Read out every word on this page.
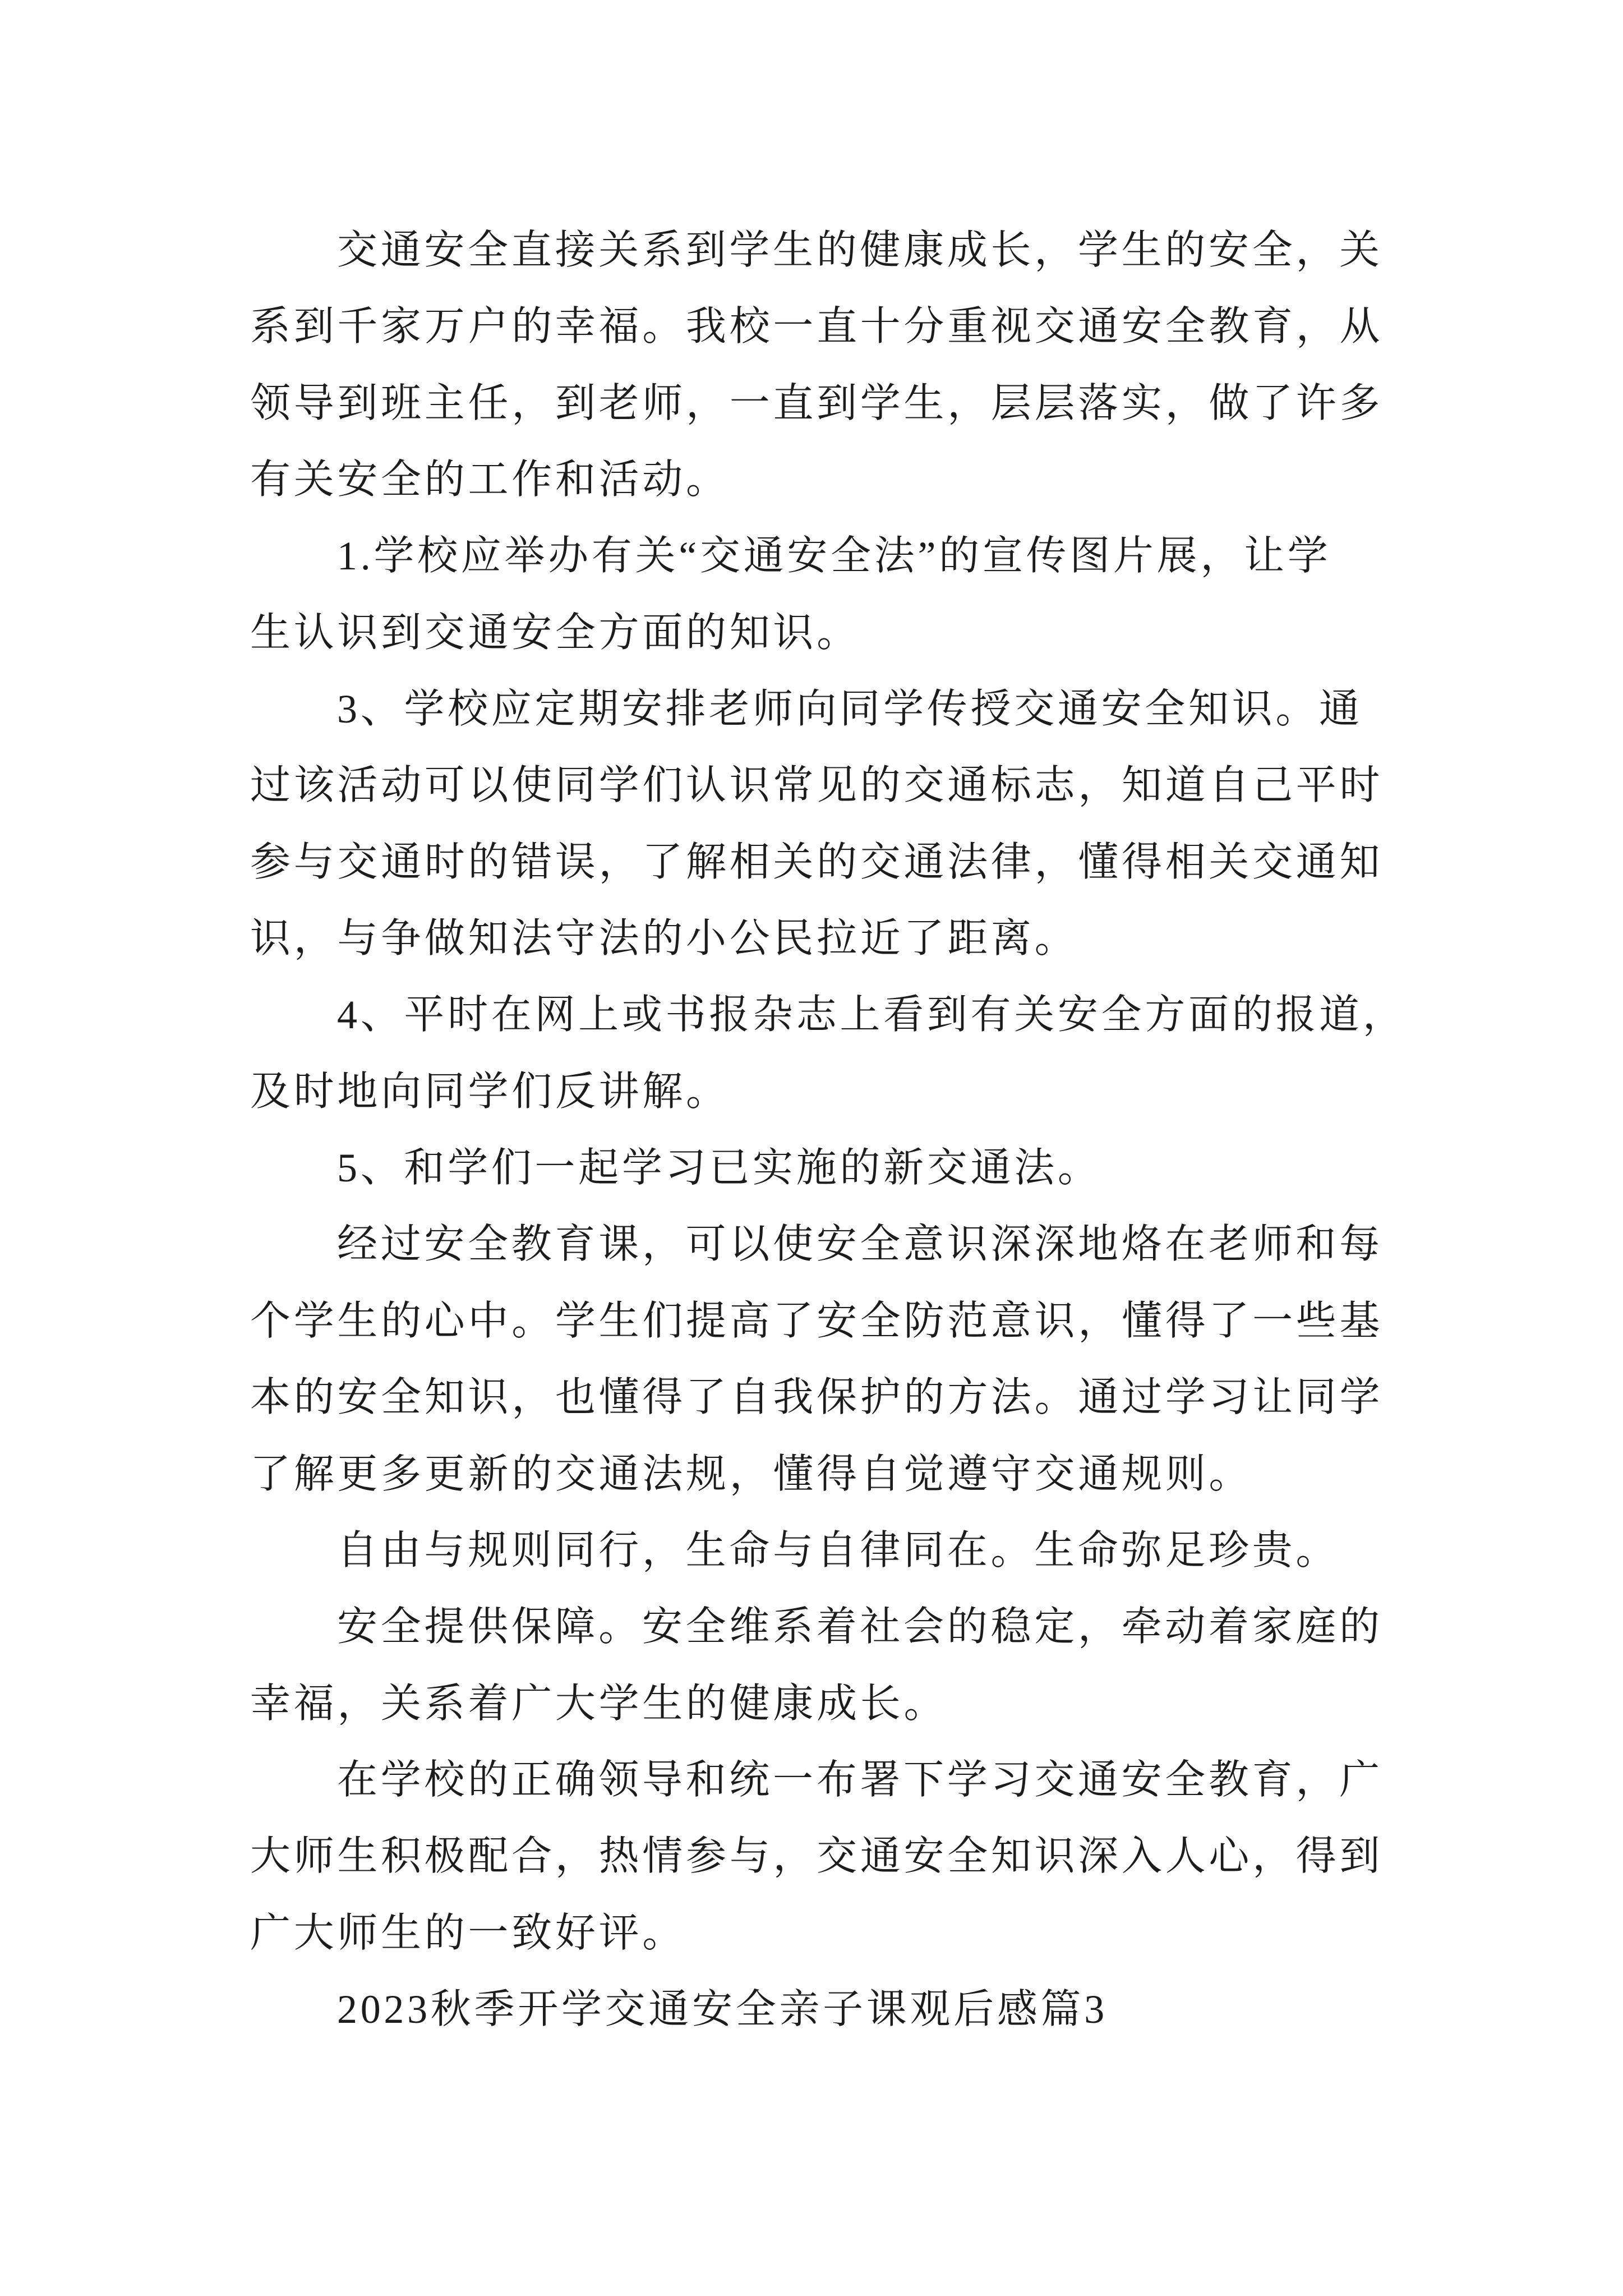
交通安全直接关系到学生的健康成长，学生的安全，关
系到千家万户的幸福。我校一直十分重视交通安全教育，从
领导到班主任，到老师，一直到学生，层层落实，做了许多
有关安全的工作和活动。
1.学校应举办有关“交通安全法”的宣传图片展，让学
生认识到交通安全方面的知识。
3、学校应定期安排老师向同学传授交通安全知识。通
过该活动可以使同学们认识常见的交通标志，知道自己平时
参与交通时的错误，了解相关的交通法律，懂得相关交通知
识，与争做知法守法的小公民拉近了距离。
4、平时在网上或书报杂志上看到有关安全方面的报道，
及时地向同学们反讲解。
5、和学们一起学习已实施的新交通法。
经过安全教育课，可以使安全意识深深地烙在老师和每
个学生的心中。学生们提高了安全防范意识，懂得了一些基
本的安全知识，也懂得了自我保护的方法。通过学习让同学
了解更多更新的交通法规，懂得自觉遵守交通规则。
自由与规则同行，生命与自律同在。生命弥足珍贵。
安全提供保障。安全维系着社会的稳定，牵动着家庭的
幸福，关系着广大学生的健康成长。
在学校的正确领导和统一布署下学习交通安全教育，广
大师生积极配合，热情参与，交通安全知识深入人心，得到
广大师生的一致好评。
2023秋季开学交通安全亲子课观后感篇3
